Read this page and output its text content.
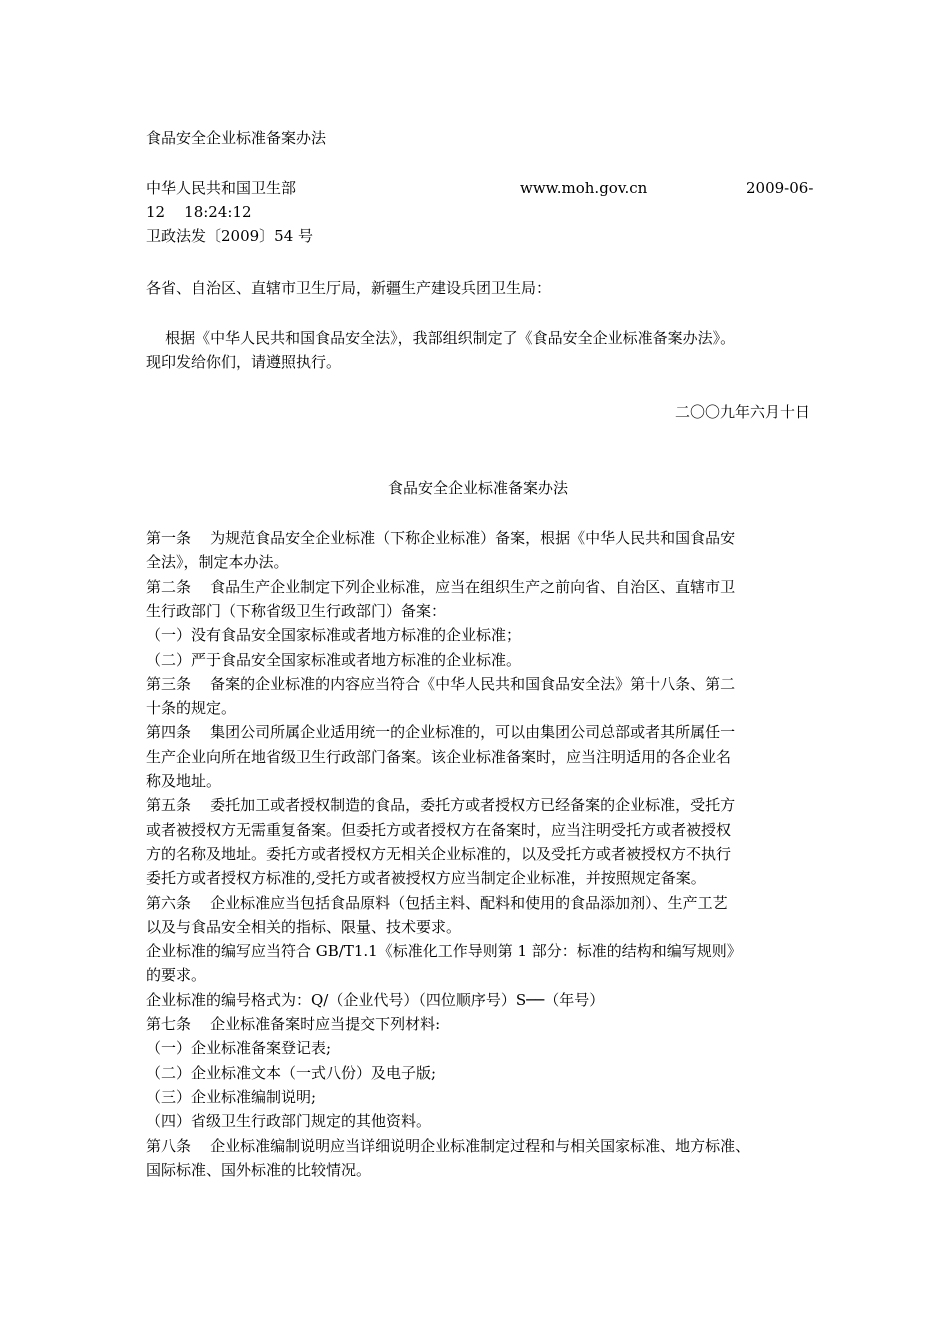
食品安全企业标准备案办法
中华人民共和国卫生部	www.moh.gov.cn	2009-06-
12    18:24:12
卫政法发〔2009〕54 号
各省、自治区、直辖市卫生厅局，新疆生产建设兵团卫生局：
根据《中华人民共和国食品安全法》，我部组织制定了《食品安全企业标准备案办法》。
现印发给你们，请遵照执行。
二〇〇九年六月十日
食品安全企业标准备案办法
第一条    为规范食品安全企业标准（下称企业标准）备案，根据《中华人民共和国食品安
全法》，制定本办法。
第二条    食品生产企业制定下列企业标准，应当在组织生产之前向省、自治区、直辖市卫
生行政部门（下称省级卫生行政部门）备案：
（一）没有食品安全国家标准或者地方标准的企业标准；
（二）严于食品安全国家标准或者地方标准的企业标准。
第三条    备案的企业标准的内容应当符合《中华人民共和国食品安全法》第十八条、第二
十条的规定。
第四条    集团公司所属企业适用统一的企业标准的，可以由集团公司总部或者其所属任一
生产企业向所在地省级卫生行政部门备案。该企业标准备案时，应当注明适用的各企业名
称及地址。
第五条    委托加工或者授权制造的食品，委托方或者授权方已经备案的企业标准，受托方
或者被授权方无需重复备案。但委托方或者授权方在备案时，应当注明受托方或者被授权
方的名称及地址。委托方或者授权方无相关企业标准的，以及受托方或者被授权方不执行
委托方或者授权方标准的,受托方或者被授权方应当制定企业标准，并按照规定备案。
第六条    企业标准应当包括食品原料（包括主料、配料和使用的食品添加剂）、生产工艺
以及与食品安全相关的指标、限量、技术要求。
企业标准的编写应当符合 GB/T1.1《标准化工作导则第 1 部分：标准的结构和编写规则》
的要求。
企业标准的编号格式为：Q/（企业代号）（四位顺序号）S──（年号）
第七条    企业标准备案时应当提交下列材料:
（一）企业标准备案登记表;
（二）企业标准文本（一式八份）及电子版;
（三）企业标准编制说明;
（四）省级卫生行政部门规定的其他资料。
第八条    企业标准编制说明应当详细说明企业标准制定过程和与相关国家标准、地方标准、
国际标准、国外标准的比较情况。
